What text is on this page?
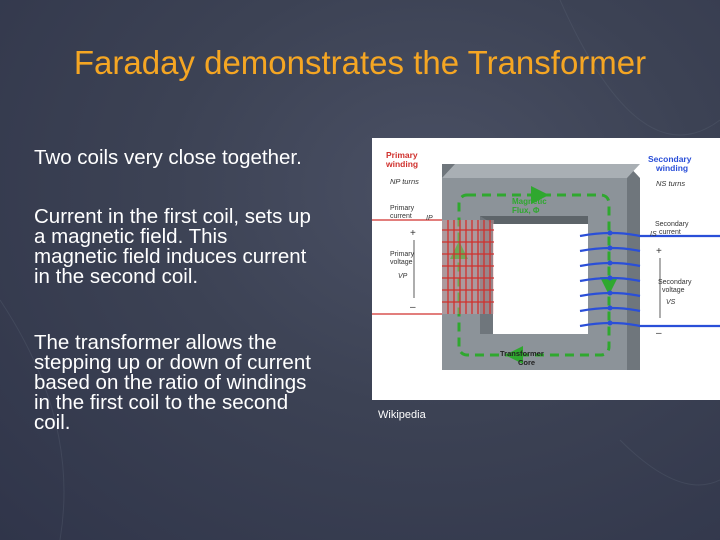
Faraday demonstrates the Transformer
Two coils very close together.
Current in the first coil, sets up
a magnetic field. This
magnetic field induces current
in the second coil.
The transformer allows the
stepping up or down of current
based on the ratio of windings
in the first coil to the second
coil.
Primary winding
NP turns
Primary current	IP
+
Primary voltage
VP
–
Magnetic Flux, Φ
Secondary winding
NS turns
Secondary current
IS
+
Secondary voltage
VS
–
Transformer Core
Wikipedia
